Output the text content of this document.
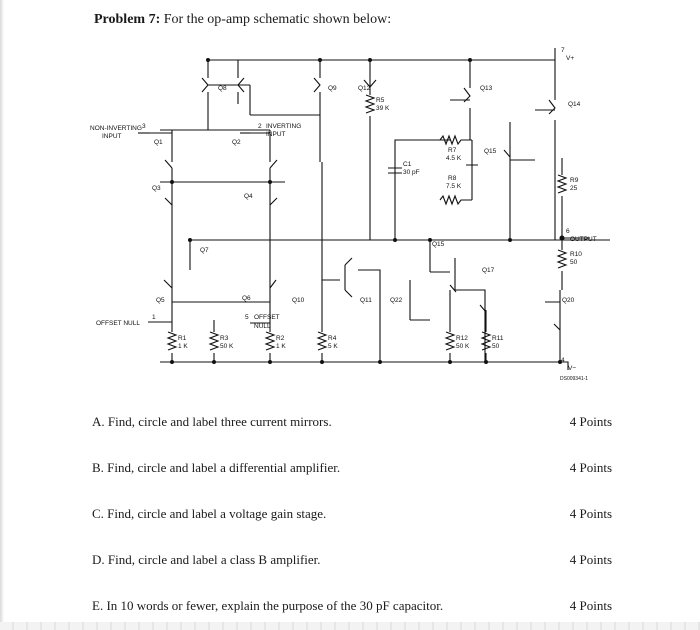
Problem 7: For the op-amp schematic shown below:
Q8	Q9	Q12	Q13
Q14
Q1	Q2
Q3
Q4
Q7
Q5	Q6	Q10	Q11	Q22
Q15
Q15
Q17
Q20
NON-INVERTING
INPUT
3	INVERTING
INPUT
2
OFFSET NULL
1	OFFSET
NULL
5
7
V+
4
V−
OUTPUT
6
R5
39 K
R7
4.5 K
R8
7.5 K
C1
30 pF
R9
25
R10
50
R1
1 K
R3
50 K
R2
1 K
R4
5 K
R12
50 K
R11
50
DS009341-1
A. Find, circle and label three current mirrors.	4 Points
B. Find, circle and label a differential amplifier.	4 Points
C. Find, circle and label a voltage gain stage.	4 Points
D. Find, circle and label a class B amplifier.	4 Points
E. In 10 words or fewer, explain the purpose of the 30 pF capacitor.	4 Points
